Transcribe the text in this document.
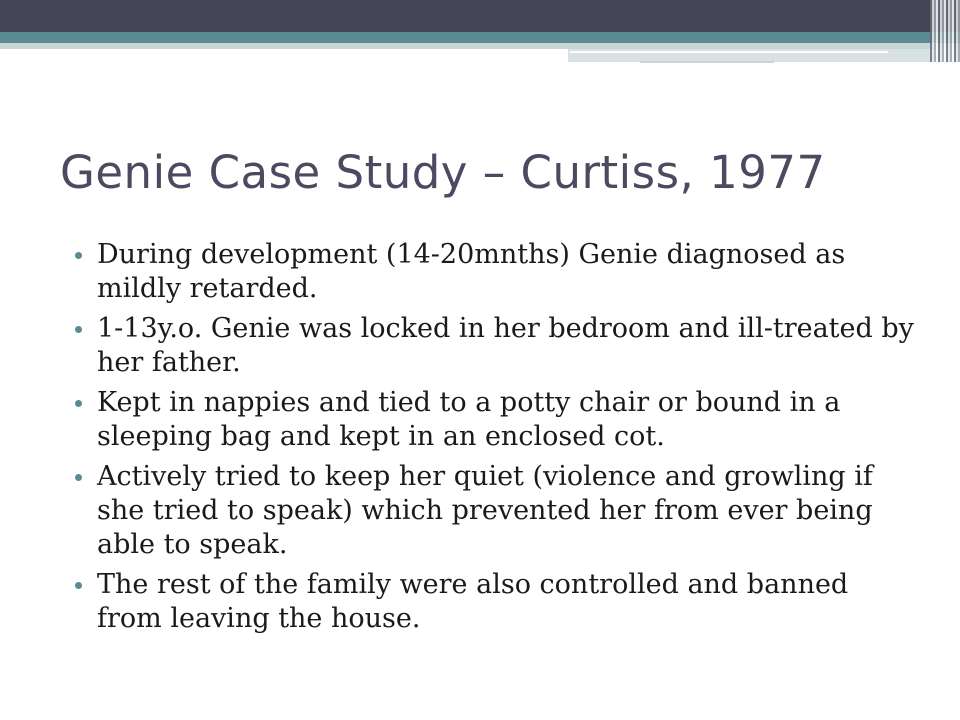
Genie Case Study – Curtiss, 1977
During development (14-20mnths) Genie diagnosed as mildly retarded.
1-13y.o. Genie was locked in her bedroom and ill-treated by her father.
Kept in nappies and tied to a potty chair or bound in a sleeping bag and kept in an enclosed cot.
Actively tried to keep her quiet (violence and growling if she tried to speak) which prevented her from ever being able to speak.
The rest of the family were also controlled and banned from leaving the house.
